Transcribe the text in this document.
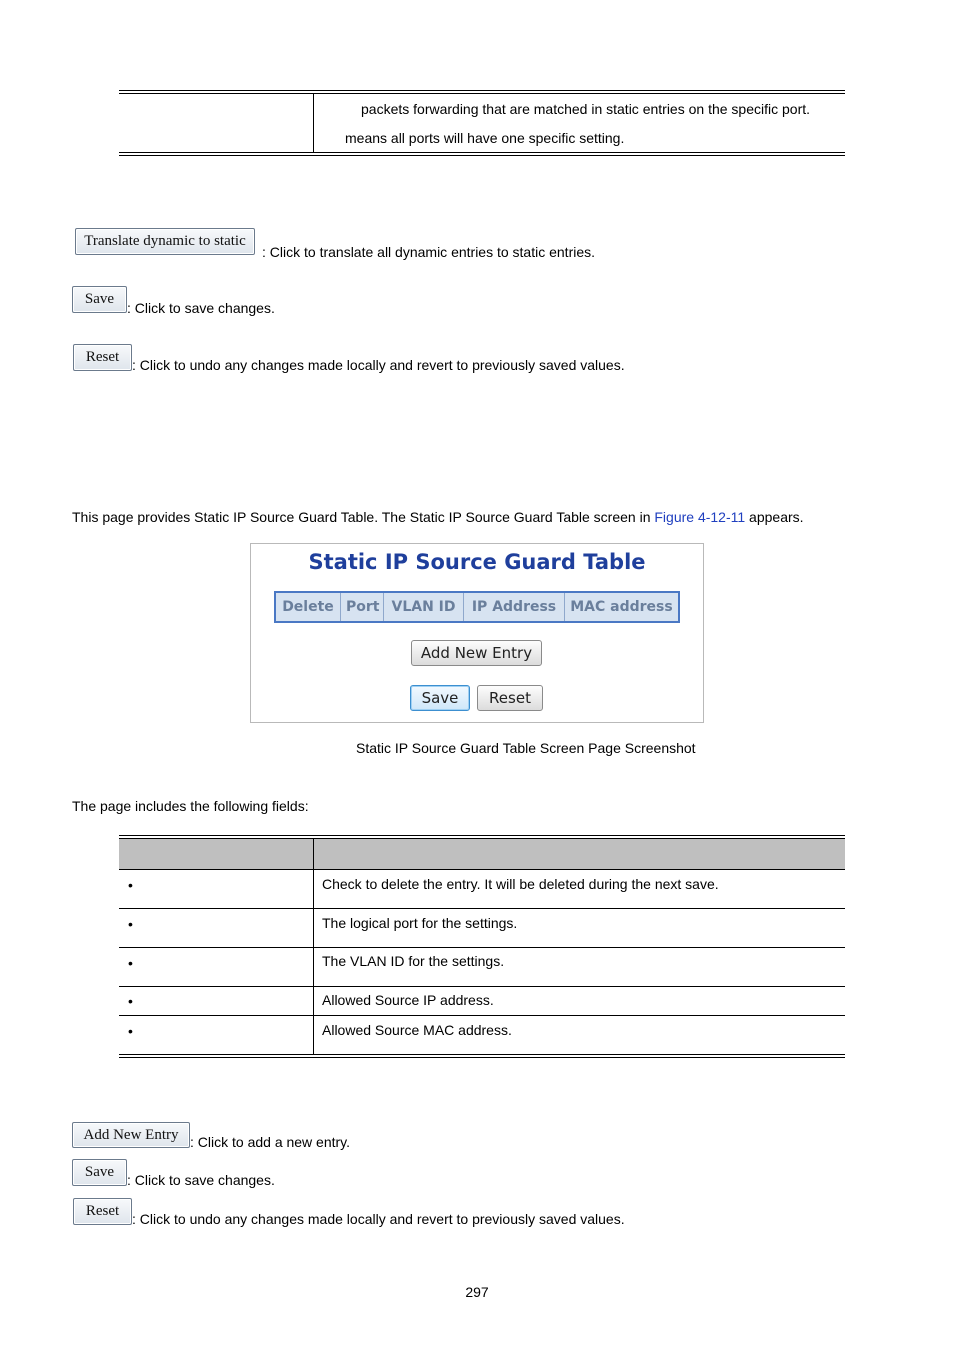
packets forwarding that are matched in static entries on the specific port.
means all ports will have one specific setting.
Translate dynamic to static
: Click to translate all dynamic entries to static entries.
Save
: Click to save changes.
Reset : Click to undo any changes made locally and revert to previously saved values.
This page provides Static IP Source Guard Table. The Static IP Source Guard Table screen in Figure 4-12-11 appears.
Static IP Source Guard Table
Delete Port VLAN ID	IP Address	MAC address
Add New Entry
Save	Reset
Static IP Source Guard Table Screen Page Screenshot
The page includes the following fields:
•	Check to delete the entry. It will be deleted during the next save.
•	The logical port for the settings.
•	The VLAN ID for the settings.
•	Allowed Source IP address.
•	Allowed Source MAC address.
Add New Entry : Click to add a new entry.
Save : Click to save changes.
Reset : Click to undo any changes made locally and revert to previously saved values.
297
